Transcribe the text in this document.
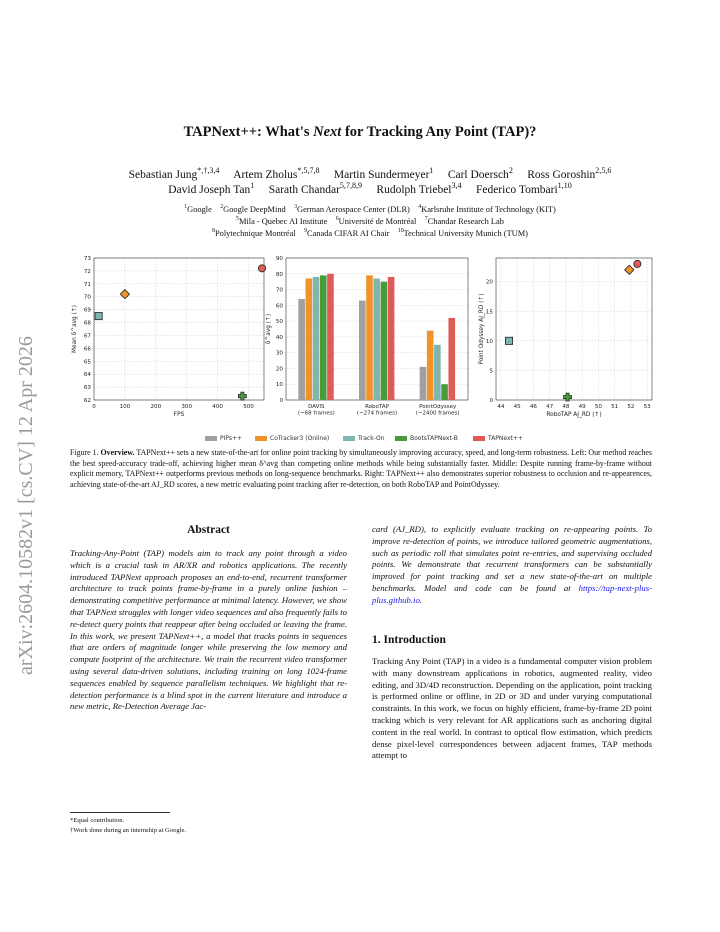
arXiv:2604.10582v1 [cs.CV] 12 Apr 2026
TAPNext++: What's Next for Tracking Any Point (TAP)?
Sebastian Jung$^{*,\dagger,3,4}$ Artem Zholus$^{*,5,7,8}$ Martin Sundermeyer$^1$ Carl Doersch$^2$ Ross Goroshin$^{2,5,6}$
David Joseph Tan$^1$ Sarath Chandar$^{5,7,8,9}$ Rudolph Triebel$^{3,4}$ Federico Tombari$^{1,10}$
$^1$Google $^2$Google DeepMind $^3$German Aerospace Center (DLR) $^4$Karlsruhe Institute of Technology (KIT)
$^5$Mila - Quebec AI Institute $^6$Université de Montréal $^7$Chandar Research Lab
$^8$Polytechnique Montréal $^9$Canada CIFAR AI Chair $^{10}$Technical University Munich (TUM)
62
63
64
65
66
67
68
69
70
71
72
73
0	100	200	300	400	500
FPS
Mean δ^avg (↑)
0
10
20
30
40
50
60
70
80
90
DAVIS
(~68 frames)
RoboTAP
(~274 frames)
PointOdyssey
(~2400 frames)
δ^avg (↑)
0
5
10
15
20
44 45 46 47 48 49 50 51 52 53
RoboTAP AJ_RD (↑)
Point Odyssey AJ_RD (↑)
PIPs++	CoTracker3 (Online)	Track-On	BootsTAPNext-B	TAPNext++
Figure 1. Overview. TAPNext++ sets a new state-of-the-art for online point tracking by simultaneously improving accuracy, speed, and long-term robustness. Left: Our method reaches the best speed-accuracy trade-off, achieving higher mean δ^avg than competing online methods while being substantially faster. Middle: Despite running frame-by-frame without explicit memory, TAPNext++ outperforms previous methods on long-sequence benchmarks. Right: TAPNext++ also demonstrates superior robustness to occlusion and re-appearences, achieving state-of-the-art AJ_RD scores, a new metric evaluating point tracking after re-detection, on both RoboTAP and PointOdyssey.
Abstract
Tracking-Any-Point (TAP) models aim to track any point through a video which is a crucial task in AR/XR and robotics applications. The recently introduced TAPNext approach proposes an end-to-end, recurrent transformer architecture to track points frame-by-frame in a purely online fashion – demonstrating competitive performance at minimal latency. However, we show that TAPNext struggles with longer video sequences and also frequently fails to re-detect query points that reappear after being occluded or leaving the frame. In this work, we present TAPNext++, a model that tracks points in sequences that are orders of magnitude longer while preserving the low memory and compute footprint of the architecture. We train the recurrent video transformer using several data-driven solutions, including training on long 1024-frame sequences enabled by sequence parallelism techniques. We highlight that re-detection performance is a blind spot in the current literature and introduce a new metric, Re-Detection Average Jac-
*Equal contribution.
†Work done during an internship at Google.
card (AJ_RD), to explicitly evaluate tracking on re-appearing points. To improve re-detection of points, we introduce tailored geometric augmentations, such as periodic roll that simulates point re-entries, and supervising occluded points. We demonstrate that recurrent transformers can be substantially improved for point tracking and set a new state-of-the-art on multiple benchmarks. Model and code can be found at https://tap-next-plus-plus.github.io.
1. Introduction
Tracking Any Point (TAP) in a video is a fundamental computer vision problem with many downstream applications in robotics, augmented reality, video editing, and 3D/4D reconstruction. Depending on the application, point tracking is performed online or offline, in 2D or 3D and under varying computational constraints. In this work, we focus on highly efficient, frame-by-frame 2D point tracking which is very relevant for AR applications such as anchoring digital content in the real world. In contrast to optical flow estimation, which predicts dense pixel-level correspondences between adjacent frames, TAP methods attempt to
